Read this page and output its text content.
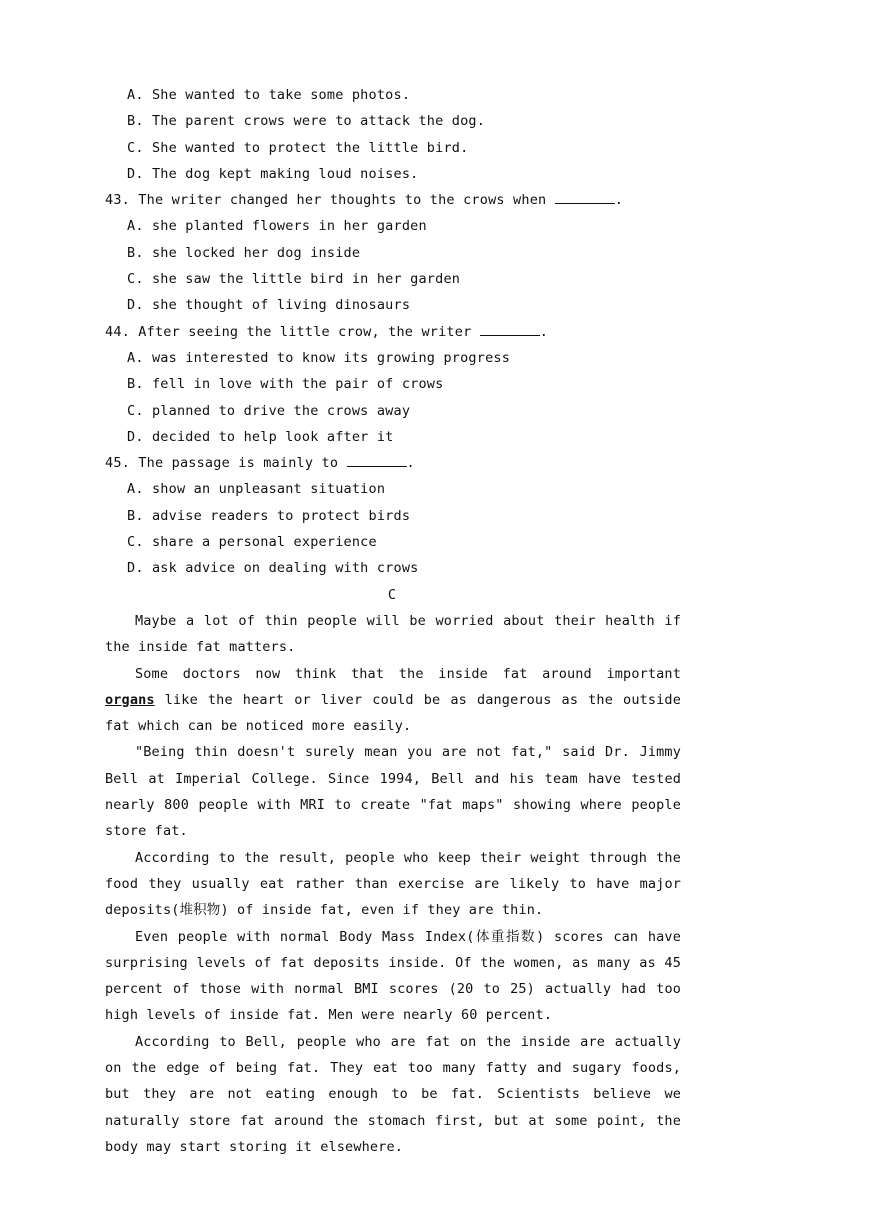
A. She wanted to take some photos.
B. The parent crows were to attack the dog.
C. She wanted to protect the little bird.
D. The dog kept making loud noises.
43. The writer changed her thoughts to the crows when	.
A. she planted flowers in her garden
B. she locked her dog inside
C. she saw the little bird in her garden
D. she thought of living dinosaurs
44. After seeing the little crow, the writer	.
A. was interested to know its growing progress
B. fell in love with the pair of crows
C. planned to drive the crows away
D. decided to help look after it
45. The passage is mainly to	.
A. show an unpleasant situation
B. advise readers to protect birds
C. share a personal experience
D. ask advice on dealing with crows
C

Maybe a lot of thin people will be worried about their health if the inside fat matters.

Some doctors now think that the inside fat around important organs like the heart or liver could be as dangerous as the outside fat which can be noticed more easily.

"Being thin doesn't surely mean you are not fat," said Dr. Jimmy Bell at Imperial College. Since 1994, Bell and his team have tested nearly 800 people with MRI to create "fat maps" showing where people store fat.

According to the result, people who keep their weight through the food they usually eat rather than exercise are likely to have major deposits(堆积物) of inside fat, even if they are thin.

Even people with normal Body Mass Index(体重指数) scores can have surprising levels of fat deposits inside. Of the women, as many as 45 percent of those with normal BMI scores (20 to 25) actually had too high levels of inside fat. Men were nearly 60 percent.

According to Bell, people who are fat on the inside are actually on the edge of being fat. They eat too many fatty and sugary foods, but they are not eating enough to be fat. Scientists believe we naturally store fat around the stomach first, but at some point, the body may start storing it elsewhere.
